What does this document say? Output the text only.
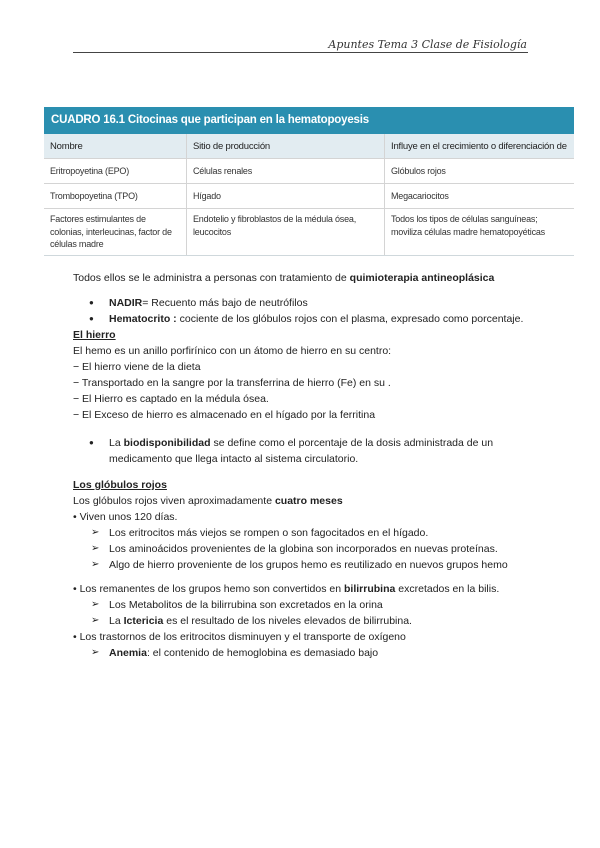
Apuntes Tema 3 Clase de Fisiología
CUADRO 16.1 Citocinas que participan en la hematopoyesis
Nombre	Sitio de producción	Influye en el crecimiento o diferenciación de
Eritropoyetina (EPO)	Células renales	Glóbulos rojos
Trombopoyetina (TPO)	Hígado	Megacariocitos
Factores estimulantes de colonias, interleucinas, factor de células madre	Endotelio y fibroblastos de la médula ósea, leucocitos	Todos los tipos de células sanguíneas; moviliza células madre hematopoyéticas

Todos ellos se le administra a personas con tratamiento de quimioterapia antineoplásica

● NADIR= Recuento más bajo de neutrófilos
● Hematocrito : cociente de los glóbulos rojos con el plasma, expresado como porcentaje.
El hierro
El hemo es un anillo porfirínico con un átomo de hierro en su centro:
− El hierro viene de la dieta
− Transportado en la sangre por la transferrina de hierro (Fe) en su .
− El Hierro es captado en la médula ósea.
− El Exceso de hierro es almacenado en el hígado por la ferritina
● La biodisponibilidad se define como el porcentaje de la dosis administrada de un medicamento que llega intacto al sistema circulatorio.
Los glóbulos rojos
Los glóbulos rojos viven aproximadamente cuatro meses
• Viven unos 120 días.
➢ Los eritrocitos más viejos se rompen o son fagocitados en el hígado.
➢ Los aminoácidos provenientes de la globina son incorporados en nuevas proteínas.
➢ Algo de hierro proveniente de los grupos hemo es reutilizado en nuevos grupos hemo
• Los remanentes de los grupos hemo son convertidos en bilirrubina excretados en la bilis.
➢ Los Metabolitos de la bilirrubina son excretados en la orina
➢ La Ictericia es el resultado de los niveles elevados de bilirrubina.
• Los trastornos de los eritrocitos disminuyen y el transporte de oxígeno
➢ Anemia: el contenido de hemoglobina es demasiado bajo
